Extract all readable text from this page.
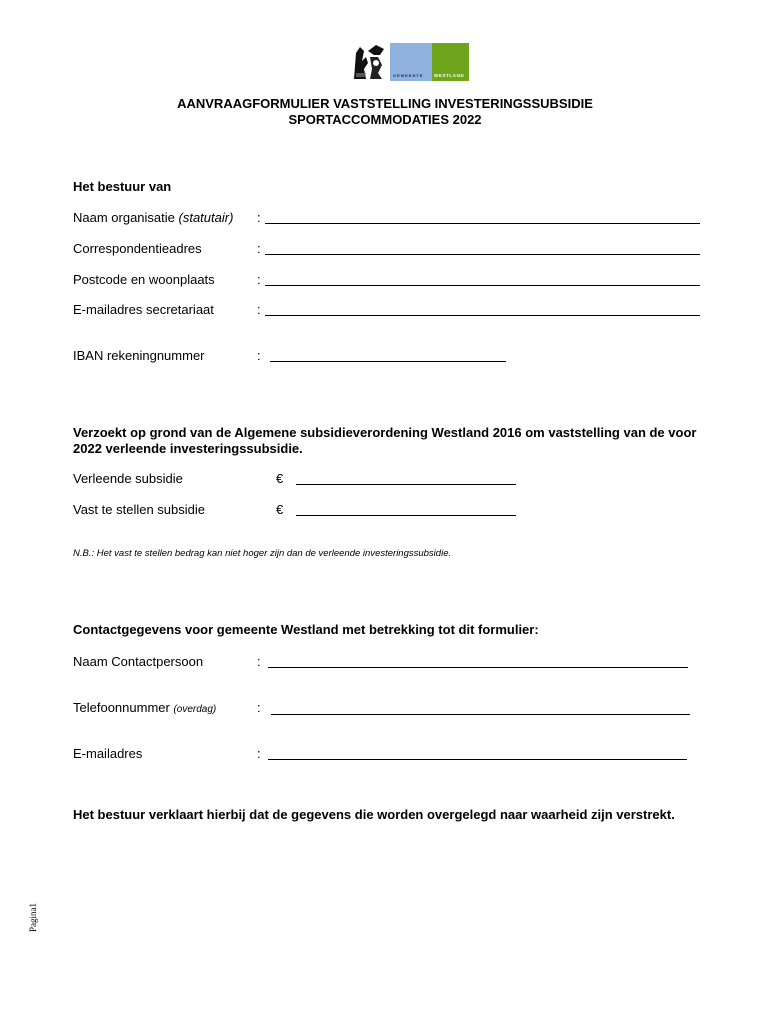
GEMEENTE WESTLAND
AANVRAAGFORMULIER VASTSTELLING INVESTERINGSSUBSIDIE
SPORTACCOMMODATIES 2022
Het bestuur van
Naam organisatie (statutair) :
Correspondentieadres	:
Postcode en woonplaats	:
E-mailadres secretariaat	:
IBAN rekeningnummer	:
Verzoekt op grond van de Algemene subsidieverordening Westland 2016 om vaststelling van de voor 2022 verleende investeringssubsidie.
Verleende subsidie	€
Vast te stellen subsidie	€
N.B.: Het vast te stellen bedrag kan niet hoger zijn dan de verleende investeringssubsidie.
Contactgegevens voor gemeente Westland met betrekking tot dit formulier:
Naam Contactpersoon	:
Telefoonnummer (overdag)	:
E-mailadres	:
Het bestuur verklaart hierbij dat de gegevens die worden overgelegd naar waarheid zijn verstrekt.
Pagina1
